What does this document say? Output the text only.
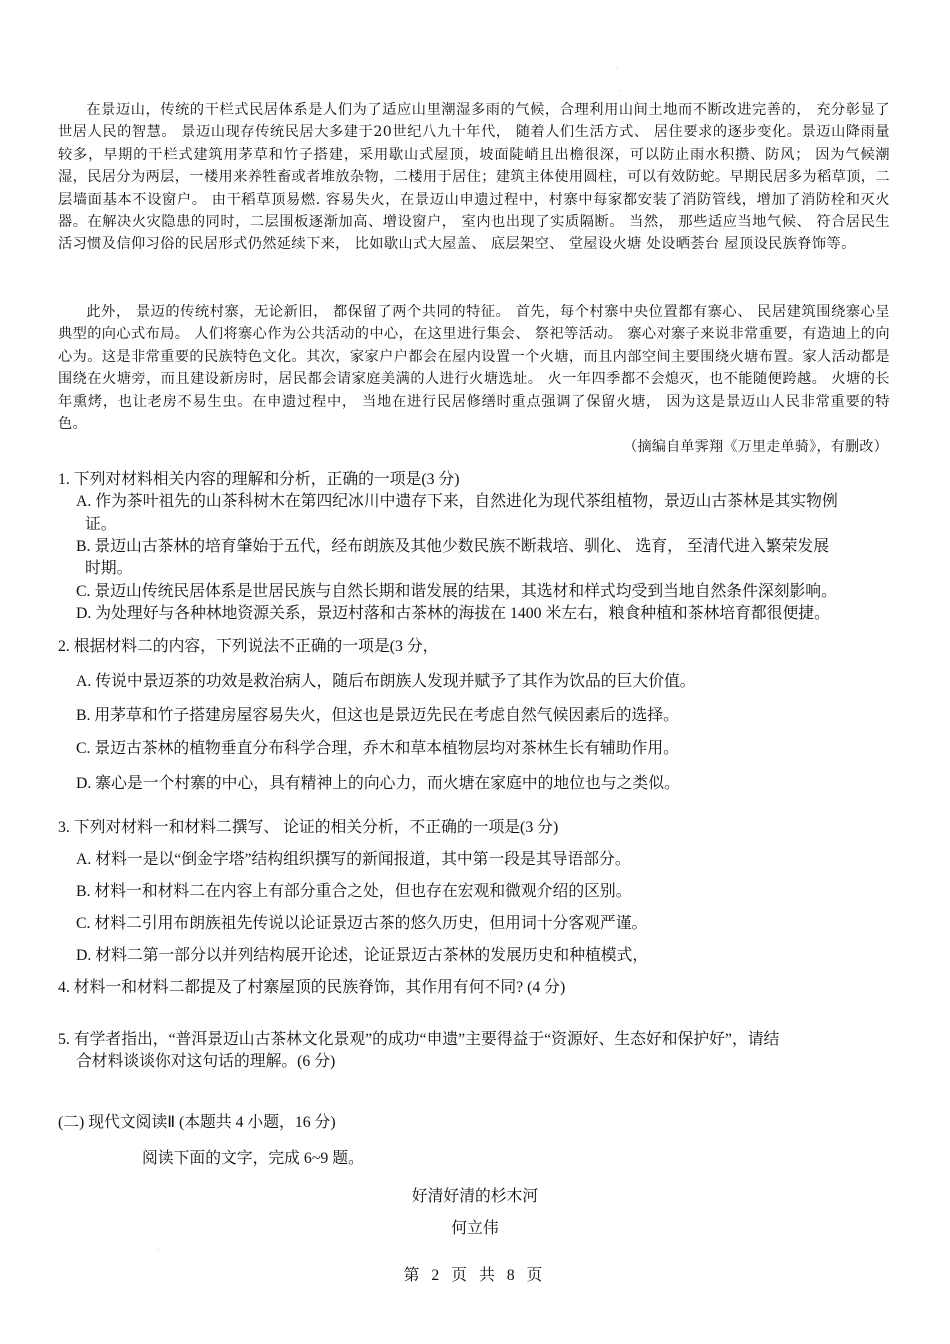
·
·
在景迈山，传统的干栏式民居体系是人们为了适应山里潮湿多雨的气候，合理利用山间土地而不断改进完善的， 充分彰显了世居人民的智慧。 景迈山现存传统民居大多建于20世纪八九十年代， 随着人们生活方式、 居住要求的逐步变化。景迈山降雨量较多，早期的干栏式建筑用茅草和竹子搭建，采用歇山式屋顶，坡面陡峭且出檐很深，可以防止雨水积攒、防风； 因为气候潮湿，民居分为两层，一楼用来养牲畜或者堆放杂物，二楼用于居住；建筑主体使用圆柱，可以有效防蛇。早期民居多为稻草顶，二层墙面基本不设窗户。 由干稻草顶易燃. 容易失火，在景迈山申遗过程中，村寨中每家都安装了消防管线，增加了消防栓和灭火器。在解决火灾隐患的同时，二层围板逐渐加高、增设窗户， 室内也出现了实质隔断。 当然， 那些适应当地气候、 符合居民生活习惯及信仰习俗的民居形式仍然延续下来， 比如歇山式大屋盖、 底层架空、 堂屋设火塘 处设晒荟台 屋顶设民族脊饰等。
此外， 景迈的传统村寨，无论新旧， 都保留了两个共同的特征。 首先，每个村寨中央位置都有寨心、 民居建筑围绕寨心呈典型的向心式布局。 人们将寨心作为公共活动的中心，在这里进行集会、 祭祀等活动。 寨心对寨子来说非常重要，有造迪上的向心为。这是非常重要的民族特色文化。其次，家家户户都会在屋内设置一个火塘，而且内部空间主要围绕火塘布置。家人活动都是围绕在火塘旁，而且建设新房时，居民都会请家庭美满的人进行火塘选址。 火一年四季都不会熄灭，也不能随便跨越。 火塘的长年熏烤，也让老房不易生虫。在申遗过程中， 当地在进行民居修缮时重点强调了保留火塘， 因为这是景迈山人民非常重要的特色。
（摘编自单霁翔《万里走单骑》，有删改）
1. 下列对材料相关内容的理解和分析，正确的一项是(3 分)
A. 作为茶叶祖先的山茶科树木在第四纪冰川中遗存下来，自然进化为现代茶组植物，景迈山古茶林是其实物例
证。
B. 景迈山古茶林的培育肇始于五代，经布朗族及其他少数民族不断栽培、驯化、 选育， 至清代进入繁荣发展
时期。
C. 景迈山传统民居体系是世居民族与自然长期和谐发展的结果，其选材和样式均受到当地自然条件深刻影响。
D. 为处理好与各种林地资源关系，景迈村落和古茶林的海拔在 1400 米左右，粮食种植和茶林培育都很便捷。
2. 根据材料二的内容，下列说法不正确的一项是(3 分，
A. 传说中景迈茶的功效是救治病人，随后布朗族人发现并赋予了其作为饮品的巨大价值。
B. 用茅草和竹子搭建房屋容易失火，但这也是景迈先民在考虑自然气候因素后的选择。
C. 景迈古茶林的植物垂直分布科学合理，乔木和草本植物层均对茶林生长有辅助作用。
D. 寨心是一个村寨的中心，具有精神上的向心力，而火塘在家庭中的地位也与之类似。
3. 下列对材料一和材料二撰写、 论证的相关分析，不正确的一项是(3 分)
A. 材料一是以“倒金字塔”结构组织撰写的新闻报道，其中第一段是其导语部分。
B. 材料一和材料二在内容上有部分重合之处，但也存在宏观和微观介绍的区别。
C. 材料二引用布朗族祖先传说以论证景迈古茶的悠久历史，但用词十分客观严谨。
D. 材料二第一部分以并列结构展开论述，论证景迈古茶林的发展历史和种植模式，
4. 材料一和材料二都提及了村寨屋顶的民族脊饰，其作用有何不同? (4 分)
5. 有学者指出，“普洱景迈山古茶林文化景观”的成功“申遗”主要得益于“资源好、生态好和保护好”，请结
合材料谈谈你对这句话的理解。(6 分)
(二) 现代文阅读Ⅱ (本题共 4 小题，16 分)
阅读下面的文字，完成 6~9 题。
好清好清的杉木河
何立伟
·
第 2 页 共 8 页
